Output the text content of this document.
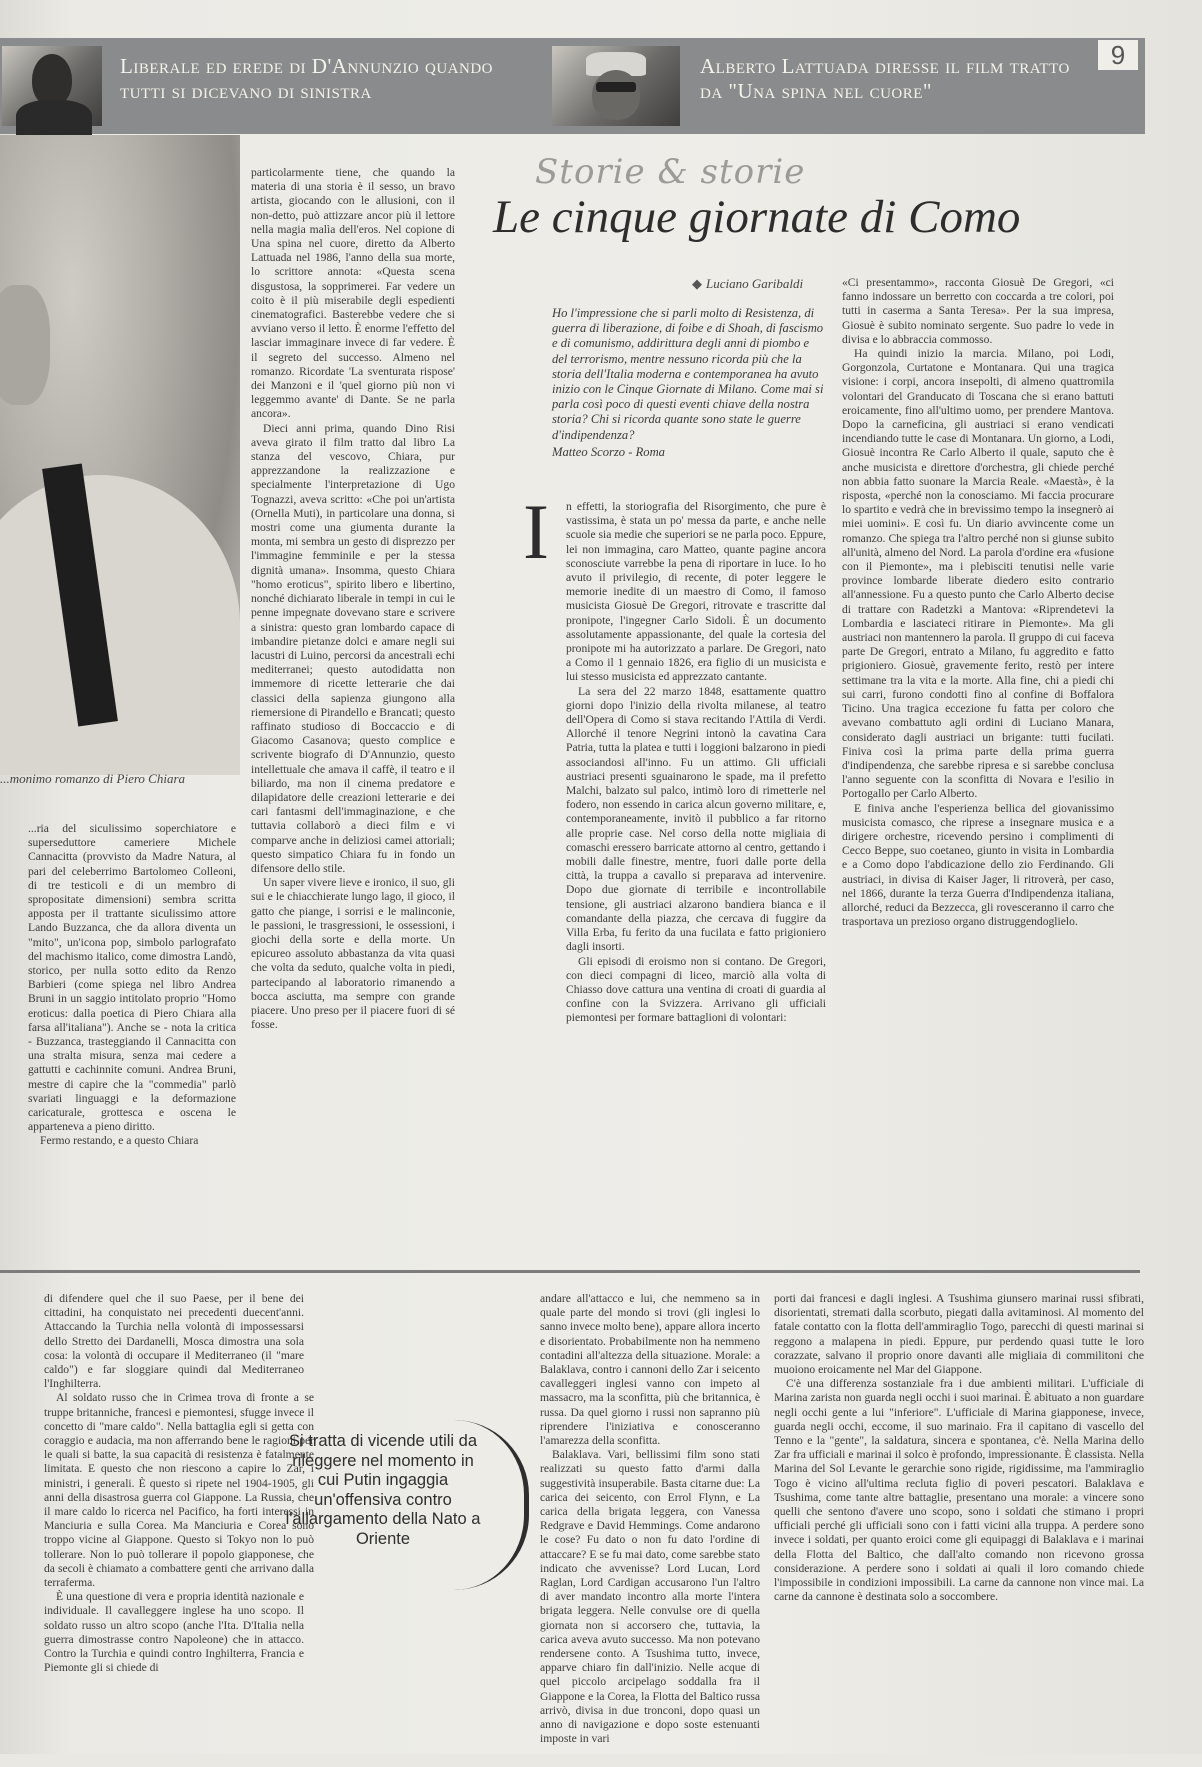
Liberale ed erede di D'Annunzio quando tutti si dicevano di sinistra
Alberto Lattuada diresse il film tratto da "Una spina nel cuore"
9
...monimo romanzo di Piero Chiara

particolarmente tiene, che quando la materia di una storia è il sesso, un bravo artista, giocando con le allusioni, con il non-detto, può attizzare ancor più il lettore nella magia malìa dell'eros. Nel copione di Una spina nel cuore, diretto da Alberto Lattuada nel 1986, l'anno della sua morte, lo scrittore annota: «Questa scena disgustosa, la sopprimerei. Far vedere un coito è il più miserabile degli espedienti cinematografici. Basterebbe vedere che si avviano verso il letto. È enorme l'effetto del lasciar immaginare invece di far vedere. È il segreto del successo. Almeno nel romanzo. Ricordate 'La sventurata rispose' dei Manzoni e il 'quel giorno più non vi leggemmo avante' di Dante. Se ne parla ancora».

Dieci anni prima, quando Dino Risi aveva girato il film tratto dal libro La stanza del vescovo, Chiara, pur apprezzandone la realizzazione e specialmente l'interpretazione di Ugo Tognazzi, aveva scritto: «Che poi un'artista (Ornella Muti), in particolare una donna, si mostri come una giumenta durante la monta, mi sembra un gesto di disprezzo per l'immagine femminile e per la stessa dignità umana». Insomma, questo Chiara "homo eroticus", spirito libero e libertino, nonché dichiarato liberale in tempi in cui le penne impegnate dovevano stare e scrivere a sinistra: questo gran lombardo capace di imbandire pietanze dolci e amare negli sui lacustri di Luino, percorsi da ancestrali echi mediterranei; questo autodidatta non immemore di ricette letterarie che dai classici della sapienza giungono alla riemersione di Pirandello e Brancati; questo raffinato studioso di Boccaccio e di Giacomo Casanova; questo complice e scrivente biografo di D'Annunzio, questo intellettuale che amava il caffè, il teatro e il biliardo, ma non il cinema predatore e dilapidatore delle creazioni letterarie e dei cari fantasmi dell'immaginazione, e che tuttavia collaborò a dieci film e vi comparve anche in deliziosi camei attoriali; questo simpatico Chiara fu in fondo un difensore dello stile.

Un saper vivere lieve e ironico, il suo, gli sui e le chiacchierate lungo lago, il gioco, il gatto che piange, i sorrisi e le malinconie, le passioni, le trasgressioni, le ossessioni, i giochi della sorte e della morte. Un epicureo assoluto abbastanza da vita quasi che volta da seduto, qualche volta in piedi, partecipando al laboratorio rimanendo a bocca asciutta, ma sempre con grande piacere. Uno preso per il piacere fuori di sé fosse.

...ria del siculissimo soperchiatore e superseduttore cameriere Michele Cannacitta (provvisto da Madre Natura, al pari del celeberrimo Bartolomeo Colleoni, di tre testicoli e di un membro di spropositate dimensioni) sembra scritta apposta per il trattante siculissimo attore Lando Buzzanca, che da allora diventa un "mito", un'icona pop, simbolo parlografato del machismo italico, come dimostra Landò, storico, per nulla sotto edito da Renzo Barbieri (come spiega nel libro Andrea Bruni in un saggio intitolato proprio "Homo eroticus: dalla poetica di Piero Chiara alla farsa all'italiana"). Anche se - nota la critica - Buzzanca, trasteggiando il Cannacitta con una stralta misura, senza mai cedere a gattutti e cachinnite comuni. Andrea Bruni, mestre di capire che la "commedia" parlò svariati linguaggi e la deformazione caricaturale, grottesca e oscena le apparteneva a pieno diritto.

Fermo restando, e a questo Chiara

Storie & storie
Le cinque giornate di Como
◆ Luciano Garibaldi
Ho l'impressione che si parli molto di Resistenza, di guerra di liberazione, di foibe e di Shoah, di fascismo e di comunismo, addirittura degli anni di piombo e del terrorismo, mentre nessuno ricorda più che la storia dell'Italia moderna e contemporanea ha avuto inizio con le Cinque Giornate di Milano. Come mai si parla così poco di questi eventi chiave della nostra storia? Chi si ricorda quante sono state le guerre d'indipendenza?
Matteo Scorzo - Roma
I n effetti, la storiografia del Risorgimento, che pure è vastissima, è stata un po' messa da parte, e anche nelle scuole sia medie che superiori se ne parla poco. Eppure, lei non immagina, caro Matteo, quante pagine ancora sconosciute varrebbe la pena di riportare in luce. Io ho avuto il privilegio, di recente, di poter leggere le memorie inedite di un maestro di Como, il famoso musicista Giosuè De Gregori, ritrovate e trascritte dal pronipote, l'ingegner Carlo Sidoli. È un documento assolutamente appassionante, del quale la cortesia del pronipote mi ha autorizzato a parlare. De Gregori, nato a Como il 1 gennaio 1826, era figlio di un musicista e lui stesso musicista ed apprezzato cantante.

La sera del 22 marzo 1848, esattamente quattro giorni dopo l'inizio della rivolta milanese, al teatro dell'Opera di Como si stava recitando l'Attila di Verdi. Allorché il tenore Negrini intonò la cavatina Cara Patria, tutta la platea e tutti i loggioni balzarono in piedi associandosi all'inno. Fu un attimo. Gli ufficiali austriaci presenti sguainarono le spade, ma il prefetto Malchi, balzato sul palco, intimò loro di rimetterle nel fodero, non essendo in carica alcun governo militare, e, contemporaneamente, invitò il pubblico a far ritorno alle proprie case. Nel corso della notte migliaia di comaschi eressero barricate attorno al centro, gettando i mobili dalle finestre, mentre, fuori dalle porte della città, la truppa a cavallo si preparava ad intervenire. Dopo due giornate di terribile e incontrollabile tensione, gli austriaci alzarono bandiera bianca e il comandante della piazza, che cercava di fuggire da Villa Erba, fu ferito da una fucilata e fatto prigioniero dagli insorti.

Gli episodi di eroismo non si contano. De Gregori, con dieci compagni di liceo, marciò alla volta di Chiasso dove cattura una ventina di croati di guardia al confine con la Svizzera. Arrivano gli ufficiali piemontesi per formare battaglioni di volontari:

«Ci presentammo», racconta Giosuè De Gregori, «ci fanno indossare un berretto con coccarda a tre colori, poi tutti in caserma a Santa Teresa». Per la sua impresa, Giosuè è subito nominato sergente. Suo padre lo vede in divisa e lo abbraccia commosso.

Ha quindi inizio la marcia. Milano, poi Lodi, Gorgonzola, Curtatone e Montanara. Qui una tragica visione: i corpi, ancora insepolti, di almeno quattromila volontari del Granducato di Toscana che si erano battuti eroicamente, fino all'ultimo uomo, per prendere Mantova. Dopo la carneficina, gli austriaci si erano vendicati incendiando tutte le case di Montanara. Un giorno, a Lodi, Giosuè incontra Re Carlo Alberto il quale, saputo che è anche musicista e direttore d'orchestra, gli chiede perché non abbia fatto suonare la Marcia Reale. «Maestà», è la risposta, «perché non la conosciamo. Mi faccia procurare lo spartito e vedrà che in brevissimo tempo la insegnerò ai miei uomini». E così fu. Un diario avvincente come un romanzo. Che spiega tra l'altro perché non si giunse subito all'unità, almeno del Nord. La parola d'ordine era «fusione con il Piemonte», ma i plebisciti tenutisi nelle varie province lombarde liberate diedero esito contrario all'annessione. Fu a questo punto che Carlo Alberto decise di trattare con Radetzki a Mantova: «Riprendetevi la Lombardia e lasciateci ritirare in Piemonte». Ma gli austriaci non mantennero la parola. Il gruppo di cui faceva parte De Gregori, entrato a Milano, fu aggredito e fatto prigioniero. Giosuè, gravemente ferito, restò per intere settimane tra la vita e la morte. Alla fine, chi a piedi chi sui carri, furono condotti fino al confine di Boffalora Ticino. Una tragica eccezione fu fatta per coloro che avevano combattuto agli ordini di Luciano Manara, considerato dagli austriaci un brigante: tutti fucilati. Finiva così la prima parte della prima guerra d'indipendenza, che sarebbe ripresa e si sarebbe conclusa l'anno seguente con la sconfitta di Novara e l'esilio in Portogallo per Carlo Alberto.

E finiva anche l'esperienza bellica del giovanissimo musicista comasco, che riprese a insegnare musica e a dirigere orchestre, ricevendo persino i complimenti di Cecco Beppe, suo coetaneo, giunto in visita in Lombardia e a Como dopo l'abdicazione dello zio Ferdinando. Gli austriaci, in divisa di Kaiser Jager, li ritroverà, per caso, nel 1866, durante la terza Guerra d'Indipendenza italiana, allorché, reduci da Bezzecca, gli rovesceranno il carro che trasportava un prezioso organo distruggendoglielo.

di difendere quel che il suo Paese, per il bene dei cittadini, ha conquistato nei precedenti duecent'anni. Attaccando la Turchia nella volontà di impossessarsi dello Stretto dei Dardanelli, Mosca dimostra una sola cosa: la volontà di occupare il Mediterraneo (il "mare caldo") e far sloggiare quindi dal Mediterraneo l'Inghilterra.

Al soldato russo che in Crimea trova di fronte a se truppe britanniche, francesi e piemontesi, sfugge invece il concetto di "mare caldo". Nella battaglia egli si getta con coraggio e audacia, ma non afferrando bene le ragioni per le quali si batte, la sua capacità di resistenza è fatalmente limitata. E questo che non riescono a capire lo Zar, i ministri, i generali. È questo si ripete nel 1904-1905, gli anni della disastrosa guerra col Giappone. La Russia, che il mare caldo lo ricerca nel Pacifico, ha forti interessi in Manciuria e sulla Corea. Ma Manciuria e Corea sono troppo vicine al Giappone. Questo si Tokyo non lo può tollerare. Non lo può tollerare il popolo giapponese, che da secoli è chiamato a combattere genti che arrivano dalla terraferma.

È una questione di vera e propria identità nazionale e individuale. Il cavalleggere inglese ha uno scopo. Il soldato russo un altro scopo (anche l'Ita. D'Italia nella guerra dimostrasse contro Napoleone) che in attacco. Contro la Turchia e quindi contro Inghilterra, Francia e Piemonte gli si chiede di

andare all'attacco e lui, che nemmeno sa in quale parte del mondo si trovi (gli inglesi lo sanno invece molto bene), appare allora incerto e disorientato. Probabilmente non ha nemmeno contadini all'altezza della situazione. Morale: a Balaklava, contro i cannoni dello Zar i seicento cavalleggeri inglesi vanno con impeto al massacro, ma la sconfitta, più che britannica, è russa. Da quel giorno i russi non sapranno più riprendere l'iniziativa e conosceranno l'amarezza della sconfitta.

Balaklava. Vari, bellissimi film sono stati realizzati su questo fatto d'armi dalla suggestività insuperabile. Basta citarne due: La carica dei seicento, con Errol Flynn, e La carica della brigata leggera, con Vanessa Redgrave e David Hemmings. Come andarono le cose? Fu dato o non fu dato l'ordine di attaccare? E se fu mai dato, come sarebbe stato indicato che avvenisse? Lord Lucan, Lord Raglan, Lord Cardigan accusarono l'un l'altro di aver mandato incontro alla morte l'intera brigata leggera. Nelle convulse ore di quella giornata non si accorsero che, tuttavia, la carica aveva avuto successo. Ma non potevano rendersene conto. A Tsushima tutto, invece, apparve chiaro fin dall'inizio. Nelle acque di quel piccolo arcipelago soddalla fra il Giappone e la Corea, la Flotta del Baltico russa arrivò, divisa in due tronconi, dopo quasi un anno di navigazione e dopo soste estenuanti imposte in vari

porti dai francesi e dagli inglesi. A Tsushima giunsero marinai russi sfibrati, disorientati, stremati dalla scorbuto, piegati dalla avitaminosi. Al momento del fatale contatto con la flotta dell'ammiraglio Togo, parecchi di questi marinai si reggono a malapena in piedi. Eppure, pur perdendo quasi tutte le loro corazzate, salvano il proprio onore davanti alle migliaia di commilitoni che muoiono eroicamente nel Mar del Giappone.

C'è una differenza sostanziale fra i due ambienti militari. L'ufficiale di Marina zarista non guarda negli occhi i suoi marinai. È abituato a non guardare negli occhi gente a lui "inferiore". L'ufficiale di Marina giapponese, invece, guarda negli occhi, eccome, il suo marinaio. Fra il capitano di vascello del Tenno e la "gente", la saldatura, sincera e spontanea, c'è. Nella Marina dello Zar fra ufficiali e marinai il solco è profondo, impressionante. È classista. Nella Marina del Sol Levante le gerarchie sono rigide, rigidissime, ma l'ammiraglio Togo è vicino all'ultima recluta figlio di poveri pescatori. Balaklava e Tsushima, come tante altre battaglie, presentano una morale: a vincere sono quelli che sentono d'avere uno scopo, sono i soldati che stimano i propri ufficiali perché gli ufficiali sono con i fatti vicini alla truppa. A perdere sono invece i soldati, per quanto eroici come gli equipaggi di Balaklava e i marinai della Flotta del Baltico, che dall'alto comando non ricevono grossa considerazione. A perdere sono i soldati ai quali il loro comando chiede l'impossibile in condizioni impossibili. La carne da cannone non vince mai. La carne da cannone è destinata solo a soccombere.

Si tratta di vicende utili da rileggere nel momento in cui Putin ingaggia un'offensiva contro l'allargamento della Nato a Oriente
